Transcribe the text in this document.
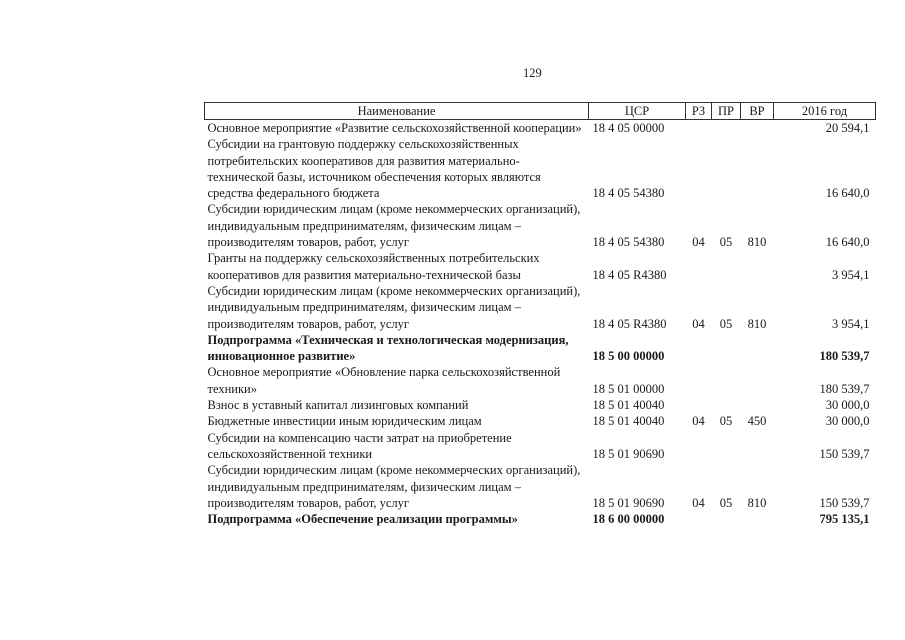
129
Наименование	ЦСР	РЗ	ПР	ВР	2016 год
Основное мероприятие «Развитие сельскохозяйственной кооперации»	18 4 05 00000				20 594,1
Субсидии на грантовую поддержку сельскохозяйственных потребительских кооперативов для развития материально-технической базы, источником обеспечения которых являются средства федерального бюджета	18 4 05 54380				16 640,0
Субсидии юридическим лицам (кроме некоммерческих организаций), индивидуальным предпринимателям, физическим лицам – производителям товаров, работ, услуг	18 4 05 54380	04	05	810	16 640,0
Гранты на поддержку сельскохозяйственных потребительских кооперативов для развития материально-технической базы	18 4 05 R4380				3 954,1
Субсидии юридическим лицам (кроме некоммерческих организаций), индивидуальным предпринимателям, физическим лицам – производителям товаров, работ, услуг	18 4 05 R4380	04	05	810	3 954,1
Подпрограмма «Техническая и технологическая модернизация, инновационное развитие»	18 5 00 00000				180 539,7
Основное мероприятие «Обновление парка сельскохозяйственной техники»	18 5 01 00000				180 539,7
Взнос в уставный капитал лизинговых компаний	18 5 01 40040				30 000,0
Бюджетные инвестиции иным юридическим лицам	18 5 01 40040	04	05	450	30 000,0
Субсидии на компенсацию части затрат на приобретение сельскохозяйственной техники	18 5 01 90690				150 539,7
Субсидии юридическим лицам (кроме некоммерческих организаций), индивидуальным предпринимателям, физическим лицам – производителям товаров, работ, услуг	18 5 01 90690	04	05	810	150 539,7
Подпрограмма «Обеспечение реализации программы»	18 6 00 00000				795 135,1
